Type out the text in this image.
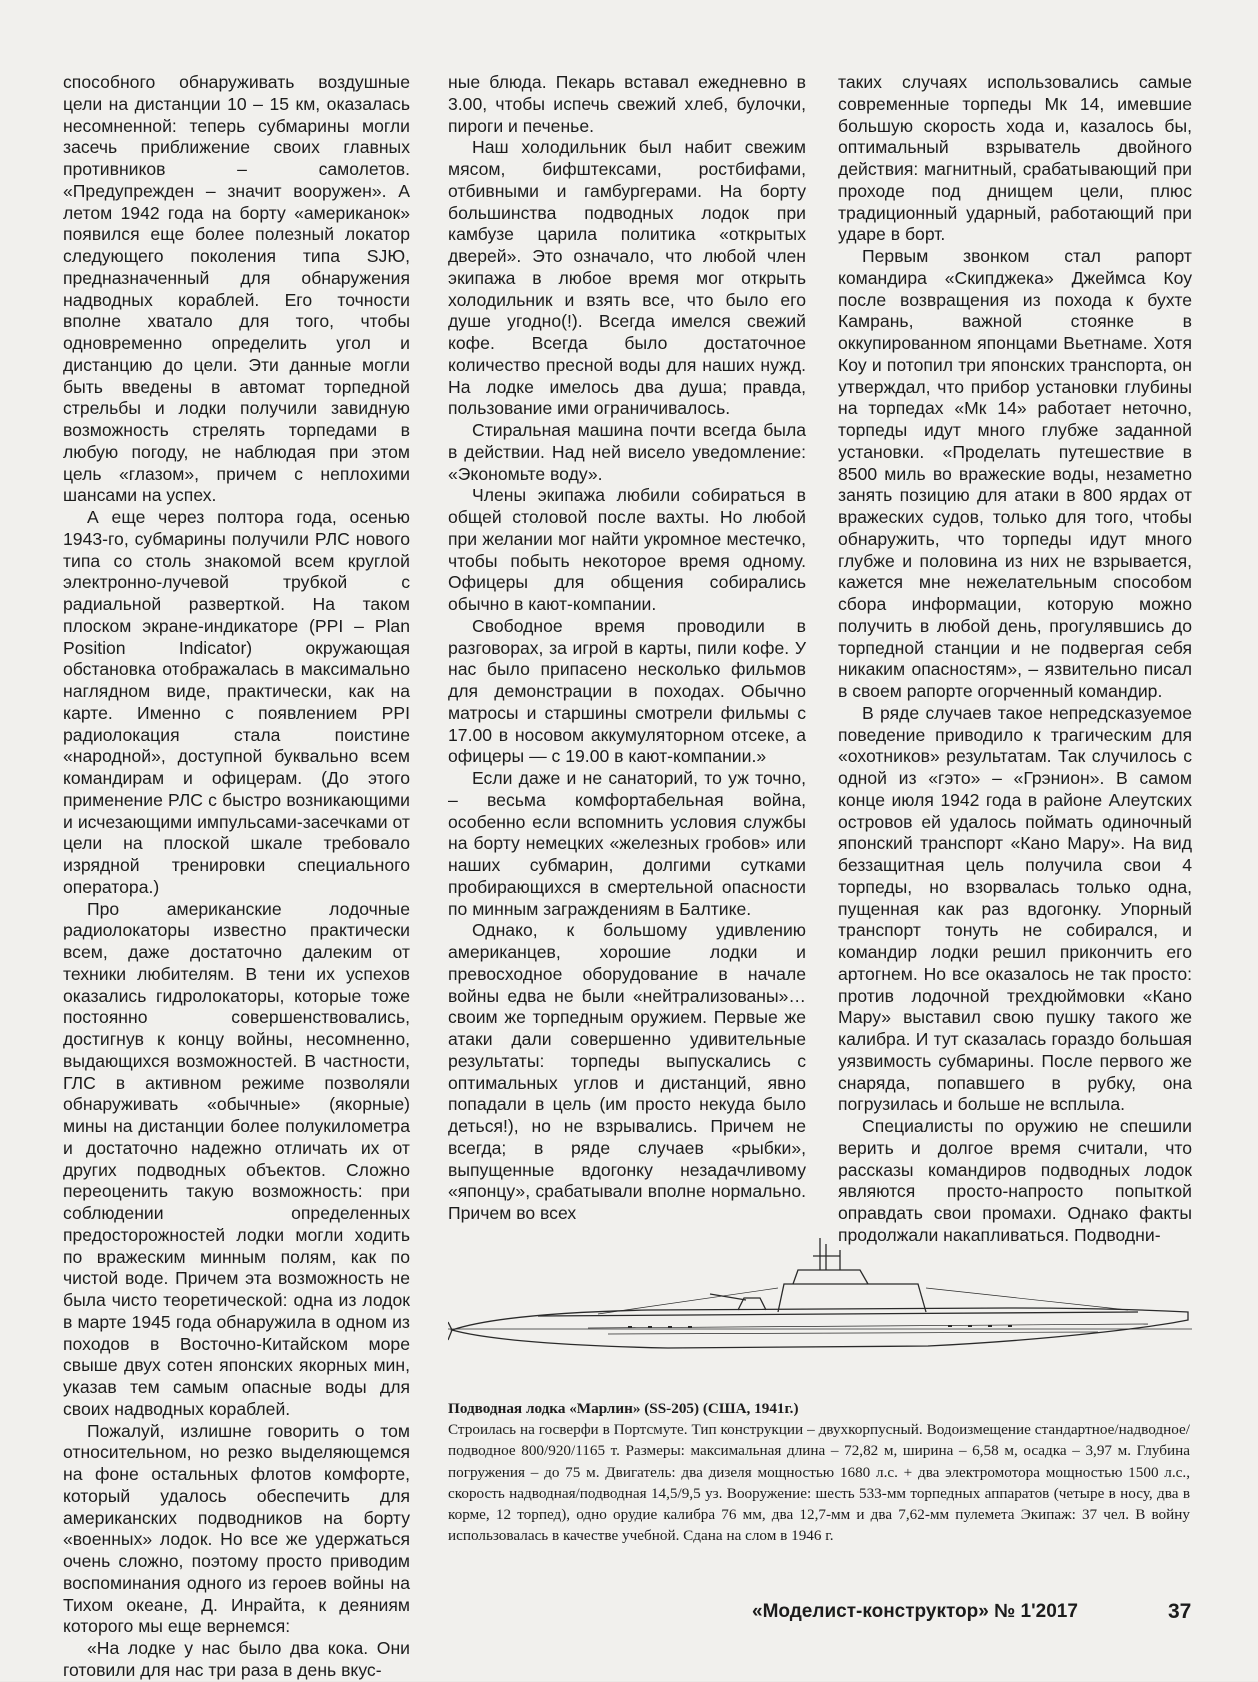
способного обнаруживать воздушные цели на дистанции 10 – 15 км, оказалась несомненной: теперь субмарины могли засечь приближение своих главных противников – самолетов. «Предупрежден – значит вооружен». А летом 1942 года на борту «американок» появился еще более полезный локатор следующего поколения типа SJЮ, предназначенный для обнаружения надводных кораблей. Его точности вполне хватало для того, чтобы одновременно определить угол и дистанцию до цели. Эти данные могли быть введены в автомат торпедной стрельбы и лодки получили завидную возможность стрелять торпедами в любую погоду, не наблюдая при этом цель «глазом», причем с неплохими шансами на успех.

А еще через полтора года, осенью 1943-го, субмарины получили РЛС нового типа со столь знакомой всем круглой электронно-лучевой трубкой с радиальной разверткой. На таком плоском экране-индикаторе (PPI – Plan Position Indicator) окружающая обстановка отображалась в максимально наглядном виде, практически, как на карте. Именно с появлением PPI радиолокация стала поистине «народной», доступной буквально всем командирам и офицерам. (До этого применение РЛС с быстро возникающими и исчезающими импульсами-засечками от цели на плоской шкале требовало изрядной тренировки специального оператора.)

Про американские лодочные радиолокаторы известно практически всем, даже достаточно далеким от техники любителям. В тени их успехов оказались гидролокаторы, которые тоже постоянно совершенствовались, достигнув к концу войны, несомненно, выдающихся возможностей. В частности, ГЛС в активном режиме позволяли обнаруживать «обычные» (якорные) мины на дистанции более полукилометра и достаточно надежно отличать их от других подводных объектов. Сложно переоценить такую возможность: при соблюдении определенных предосторожностей лодки могли ходить по вражеским минным полям, как по чистой воде. Причем эта возможность не была чисто теоретической: одна из лодок в марте 1945 года обнаружила в одном из походов в Восточно-Китайском море свыше двух сотен японских якорных мин, указав тем самым опасные воды для своих надводных кораблей.

Пожалуй, излишне говорить о том относительном, но резко выделяющемся на фоне остальных флотов комфорте, который удалось обеспечить для американских подводников на борту «военных» лодок. Но все же удержаться очень сложно, поэтому просто приводим воспоминания одного из героев войны на Тихом океане, Д. Инрайта, к деяниям которого мы еще вернемся:

«На лодке у нас было два кока. Они готовили для нас три раза в день вкус-

ные блюда. Пекарь вставал ежедневно в 3.00, чтобы испечь свежий хлеб, булочки, пироги и печенье.

Наш холодильник был набит свежим мясом, бифштексами, ростбифами, отбивными и гамбургерами. На борту большинства подводных лодок при камбузе царила политика «открытых дверей». Это означало, что любой член экипажа в любое время мог открыть холодильник и взять все, что было его душе угодно(!). Всегда имелся свежий кофе. Всегда было достаточное количество пресной воды для наших нужд. На лодке имелось два душа; правда, пользование ими ограничивалось.

Стиральная машина почти всегда была в действии. Над ней висело уведомление: «Экономьте воду».

Члены экипажа любили собираться в общей столовой после вахты. Но любой при желании мог найти укромное местечко, чтобы побыть некоторое время одному. Офицеры для общения собирались обычно в кают-компании.

Свободное время проводили в разговорах, за игрой в карты, пили кофе. У нас было припасено несколько фильмов для демонстрации в походах. Обычно матросы и старшины смотрели фильмы с 17.00 в носовом аккумуляторном отсеке, а офицеры — с 19.00 в кают-компании.»

Если даже и не санаторий, то уж точно, – весьма комфортабельная война, особенно если вспомнить условия службы на борту немецких «железных гробов» или наших субмарин, долгими сутками пробирающихся в смертельной опасности по минным заграждениям в Балтике.

Однако, к большому удивлению американцев, хорошие лодки и превосходное оборудование в начале войны едва не были «нейтрализованы»… своим же торпедным оружием. Первые же атаки дали совершенно удивительные результаты: торпеды выпускались с оптимальных углов и дистанций, явно попадали в цель (им просто некуда было деться!), но не взрывались. Причем не всегда; в ряде случаев «рыбки», выпущенные вдогонку незадачливому «японцу», срабатывали вполне нормально. Причем во всех

таких случаях использовались самые современные торпеды Мк 14, имевшие большую скорость хода и, казалось бы, оптимальный взрыватель двойного действия: магнитный, срабатывающий при проходе под днищем цели, плюс традиционный ударный, работающий при ударе в борт.

Первым звонком стал рапорт командира «Скипджека» Джеймса Коу после возвращения из похода к бухте Камрань, важной стоянке в оккупированном японцами Вьетнаме. Хотя Коу и потопил три японских транспорта, он утверждал, что прибор установки глубины на торпедах «Мк 14» работает неточно, торпеды идут много глубже заданной установки. «Проделать путешествие в 8500 миль во вражеские воды, незаметно занять позицию для атаки в 800 ярдах от вражеских судов, только для того, чтобы обнаружить, что торпеды идут много глубже и половина из них не взрывается, кажется мне нежелательным способом сбора информации, которую можно получить в любой день, прогулявшись до торпедной станции и не подвергая себя никаким опасностям», – язвительно писал в своем рапорте огорченный командир.

В ряде случаев такое непредсказуемое поведение приводило к трагическим для «охотников» результатам. Так случилось с одной из «гэто» – «Грэнион». В самом конце июля 1942 года в районе Алеутских островов ей удалось поймать одиночный японский транспорт «Кано Мару». На вид беззащитная цель получила свои 4 торпеды, но взорвалась только одна, пущенная как раз вдогонку. Упорный транспорт тонуть не собирался, и командир лодки решил прикончить его артогнем. Но все оказалось не так просто: против лодочной трехдюймовки «Кано Мару» выставил свою пушку такого же калибра. И тут сказалась гораздо большая уязвимость субмарины. После первого же снаряда, попавшего в рубку, она погрузилась и больше не всплыла.

Специалисты по оружию не спешили верить и долгое время считали, что рассказы командиров подводных лодок являются просто-напросто попыткой оправдать свои промахи. Однако факты продолжали накапливаться. Подводни-

Подводная лодка «Марлин» (SS-205) (США, 1941г.)
Строилась на госверфи в Портсмуте. Тип конструкции – двухкорпусный. Водоизмещение стандартное/надводное/подводное 800/920/1165 т. Размеры: максимальная длина – 72,82 м, ширина – 6,58 м, осадка – 3,97 м. Глубина погружения – до 75 м. Двигатель: два дизеля мощностью 1680 л.с. + два электромотора мощностью 1500 л.с., скорость надводная/подводная 14,5/9,5 уз. Вооружение: шесть 533-мм торпедных аппаратов (четыре в носу, два в корме, 12 торпед), одно орудие калибра 76 мм, два 12,7-мм и два 7,62-мм пулемета Экипаж: 37 чел. В войну использовалась в качестве учебной. Сдана на слом в 1946 г.
«Моделист-конструктор» № 1'2017	37
